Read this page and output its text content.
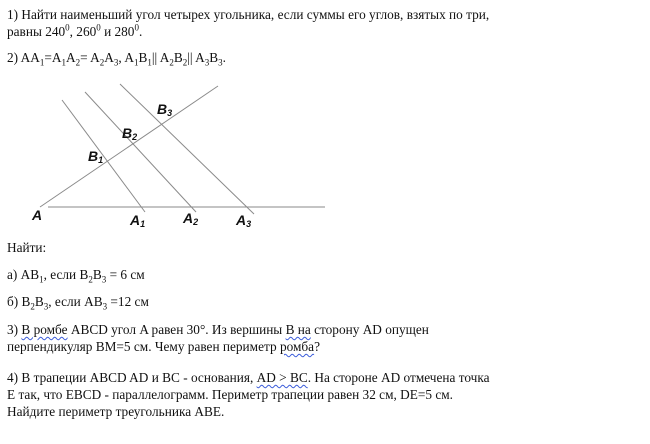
1) Найти наименьший угол четырех угольника, если суммы его углов, взятых по три,
равны $240^0$, $260^0$ и $280^0$.
2) $AA_1=A_1A_2= A_2A_3$, $A_1B_1||$ $A_2B_2||$ $A_3B_3$.
A	A1	A2	A3
B1
B2
B3
Найти:
а) $АВ_1$, если $В_2В_3 = 6$ см
б) $В_2В_3$, если $АВ_3 =12$ см
3) В ромбе ABCD угол A равен 30°. Из вершины В на сторону AD опущен
перпендикуляр ВМ=5 см. Чему равен периметр ромба?
4) В трапеции ABCD AD и BC - основания, AD > BC. На стороне AD отмечена точка
E так, что EBCD - параллелограмм. Периметр трапеции равен 32 см, DE=5 см.
Найдите периметр треугольника ABE.
